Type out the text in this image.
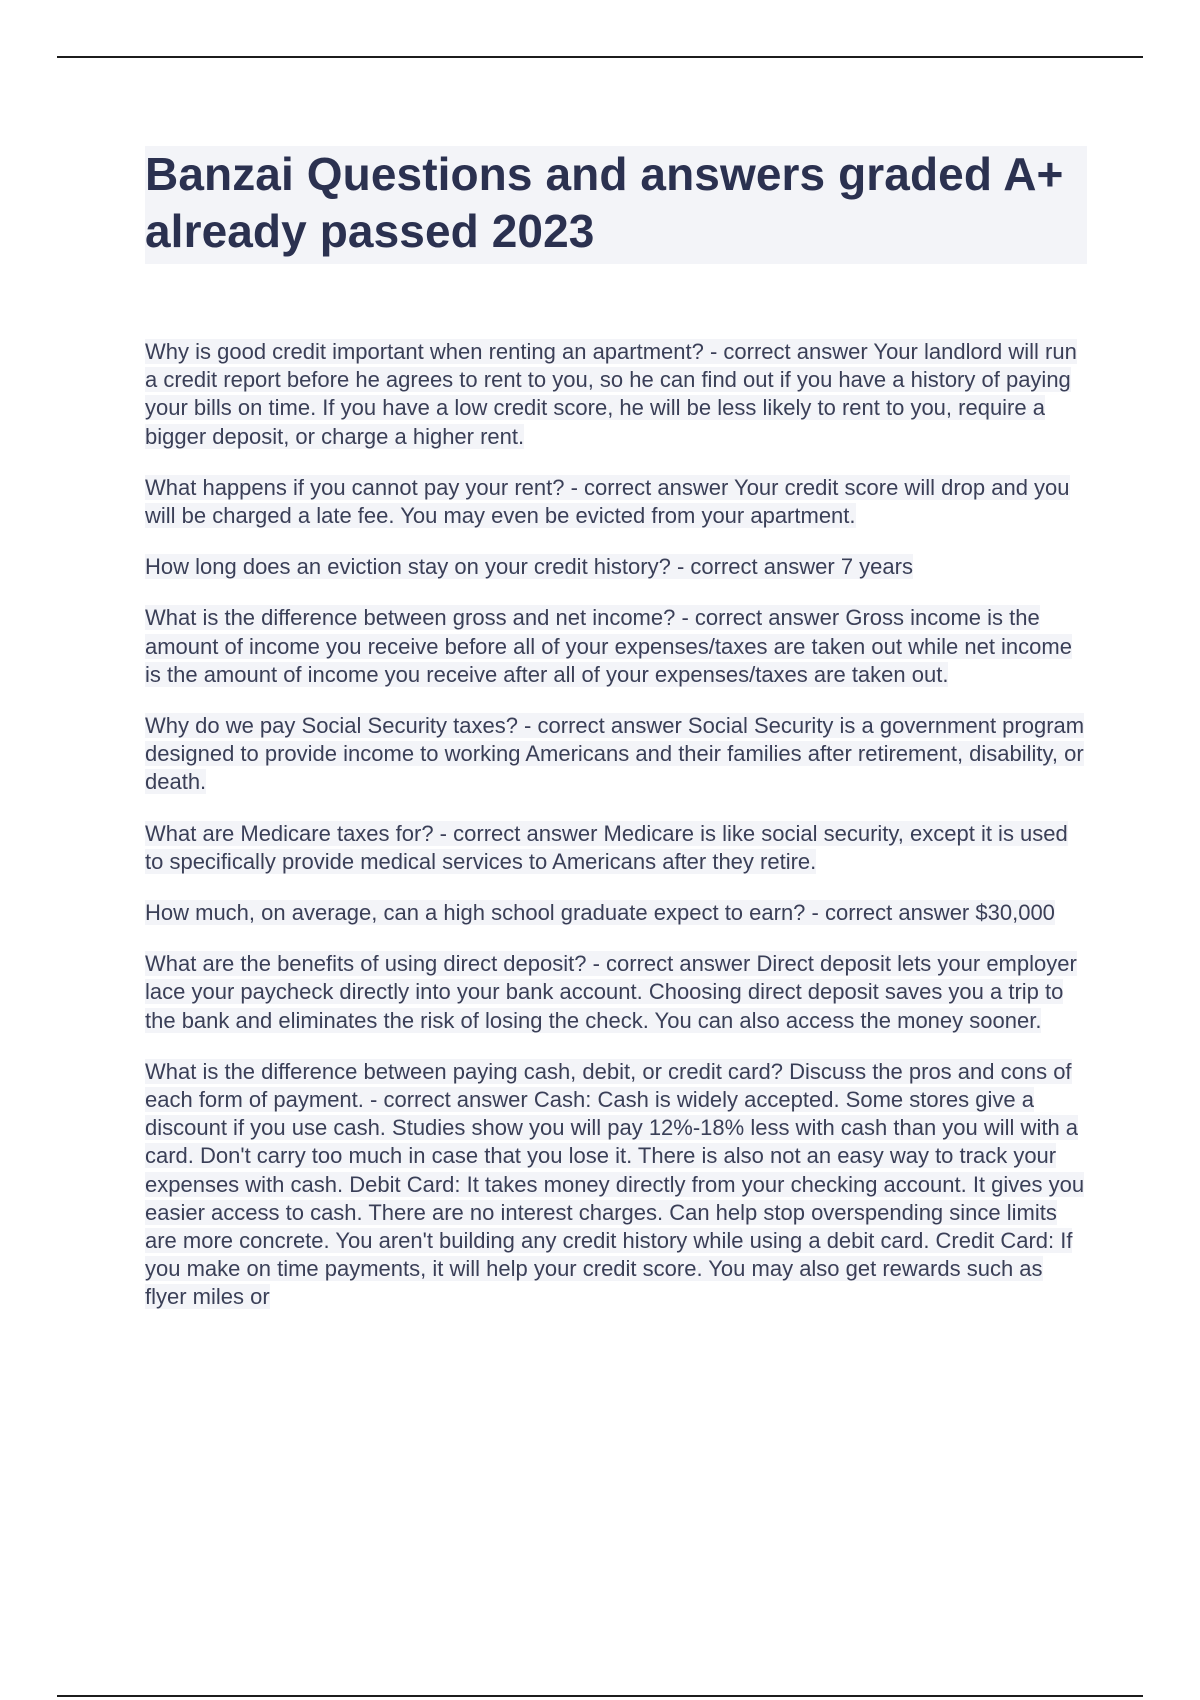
Banzai Questions and answers graded A+ already passed 2023

Why is good credit important when renting an apartment? - correct answer Your landlord will run a credit report before he agrees to rent to you, so he can find out if you have a history of paying your bills on time. If you have a low credit score, he will be less likely to rent to you, require a bigger deposit, or charge a higher rent.

What happens if you cannot pay your rent? - correct answer Your credit score will drop and you will be charged a late fee. You may even be evicted from your apartment.

How long does an eviction stay on your credit history? - correct answer 7 years

What is the difference between gross and net income? - correct answer Gross income is the amount of income you receive before all of your expenses/taxes are taken out while net income is the amount of income you receive after all of your expenses/taxes are taken out.

Why do we pay Social Security taxes? - correct answer Social Security is a government program designed to provide income to working Americans and their families after retirement, disability, or death.

What are Medicare taxes for? - correct answer Medicare is like social security, except it is used to specifically provide medical services to Americans after they retire.

How much, on average, can a high school graduate expect to earn? - correct answer $30,000

What are the benefits of using direct deposit? - correct answer Direct deposit lets your employer lace your paycheck directly into your bank account. Choosing direct deposit saves you a trip to the bank and eliminates the risk of losing the check. You can also access the money sooner.

What is the difference between paying cash, debit, or credit card? Discuss the pros and cons of each form of payment. - correct answer Cash: Cash is widely accepted. Some stores give a discount if you use cash. Studies show you will pay 12%-18% less with cash than you will with a card. Don't carry too much in case that you lose it. There is also not an easy way to track your expenses with cash. Debit Card: It takes money directly from your checking account. It gives you easier access to cash. There are no interest charges. Can help stop overspending since limits are more concrete. You aren't building any credit history while using a debit card. Credit Card: If you make on time payments, it will help your credit score. You may also get rewards such as flyer miles or
